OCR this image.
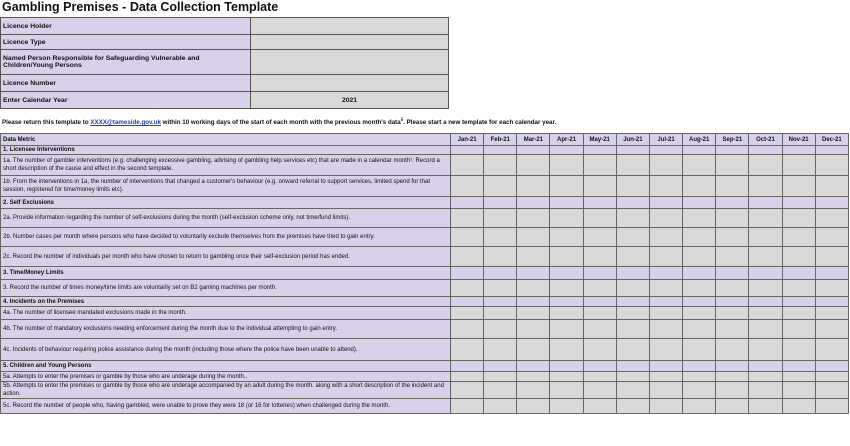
Gambling Premises - Data Collection Template
Licence Holder	
Licence Type	
Named Person Responsible for Safeguarding Vulnerable and Children/Young Persons	
Licence Number	
Enter Calendar Year	2021
Please return this template to XXXX@tameside.gov.uk within 10 working days of the start of each month with the previous month's data$^{ii}$. Please start a new template for each calendar year.
Data Metric	Jan-21	Feb-21	Mar-21	Apr-21	May-21	Jun-21	Jul-21	Aug-21	Sep-21	Oct-21	Nov-21	Dec-21
1. Licensee Interventions												
1a. The number of gambler interventions (e.g. challenging excessive gambling, advising of gambling help services etc) that are made in a calendar month¹. Record a short description of the cause and effect in the second template.												
1b. From the interventions in 1a, the number of interventions that changed a customer's behaviour (e.g. onward referral to support services, limited spend for that session, registered for time/money limits etc).												
2. Self Exclusions												
2a. Provide information regarding the number of self-exclusions during the month (self-exclusion scheme only, not time/fund limits).												
2b. Number cases per month where persons who have decided to voluntarily exclude themselves from the premises have tried to gain entry.												
2c. Record the number of individuals per month who have chosen to return to gambling once their self-exclusion period has ended.												
3. Time/Money Limits												
3. Record the number of times money/time limits are voluntarily set on B2 gaming machines per month.												
4. Incidents on the Premises												
4a. The number of licensee mandated exclusions made in the month.												
4b. The number of mandatory exclusions needing enforcement during the month due to the individual attempting to gain entry.												
4c. Incidents of behaviour requiring police assistance during the month (including those where the police have been unable to attend).												
5. Children and Young Persons												
5a. Attempts to enter the premises or gamble by those who are underage during the month..												
5b. Attempts to enter the premises or gamble by those who are underage accompanied by an adult during the month. along with a short description of the incident and action.												
5c. Record the number of people who, having gambled, were unable to prove they were 18 (or 16 for lotteries) when challenged during the month.												
